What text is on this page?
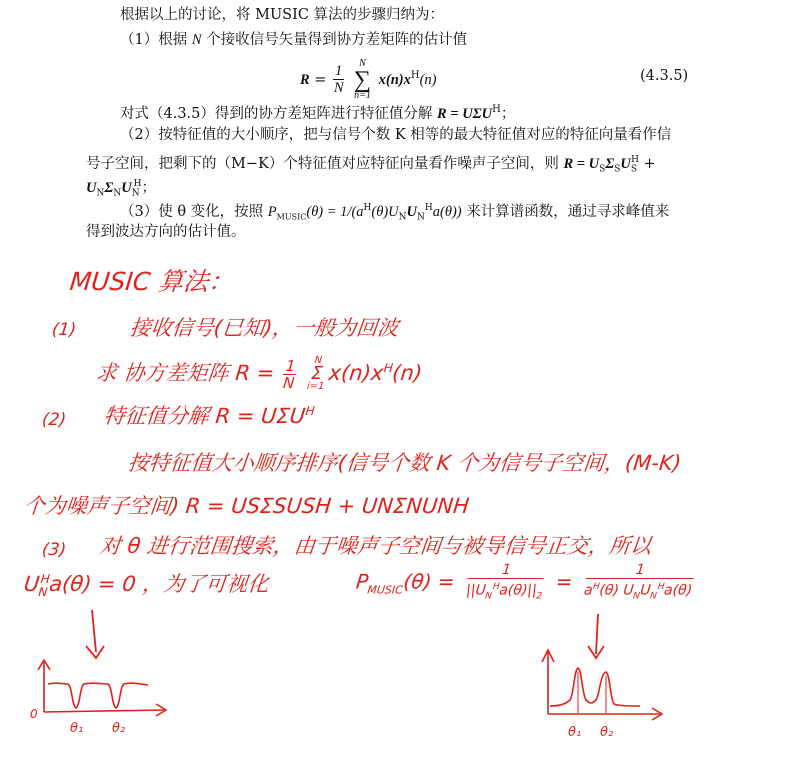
根据以上的讨论，将 MUSIC 算法的步骤归纳为：
（1）根据 N 个接收信号矢量得到协方差矩阵的估计值
$R = \frac{1}{N}$ N
∑
n=1 $x(n)x^H(n)$	(4.3.5)
对式（4.3.5）得到的协方差矩阵进行特征值分解 $R = U\Sigma U^H$；
（2）按特征值的大小顺序，把与信号个数 K 相等的最大特征值对应的特征向量看作信
号子空间，把剩下的（M−K）个特征值对应特征向量看作噪声子空间，则 $R = U_S\Sigma_SU_S^H$ +
$U_N\Sigma_NU_N^H$；
（3）使 θ 变化，按照 $P_{MUSIC}(\theta) = 1/(a^H(\theta)U_NU_N^Ha(\theta))$ 来计算谱函数，通过寻求峰值来
得到波达方向的估计值。
MUSIC 算法：
(1) 接收信号(已知)，一般为回波
求 协方差矩阵 $R = \frac{1}{N}$ N
Σ
$i=1x(n)x^H(n)$
(2) 特征值分解 $R = U\Sigma U^H$
按特征值大小顺序排序(信号个数 K 个为信号子空间，(M-K)
个为噪声子空间) R = USΣSUSH + UNΣNUNH
(3) 对 θ 进行范围搜索，由于噪声子空间与被导信号正交，所以
$U_N^Ha(\theta) = 0$ ，为了可视化	$P_{MUSIC}(\theta) = \frac{1}{||U_N^Ha(\theta)||_2} = \frac{1}{a^H(\theta) U_NU_N^Ha(\theta)}$
0
θ₁ θ₂	θ₁ θ₂
